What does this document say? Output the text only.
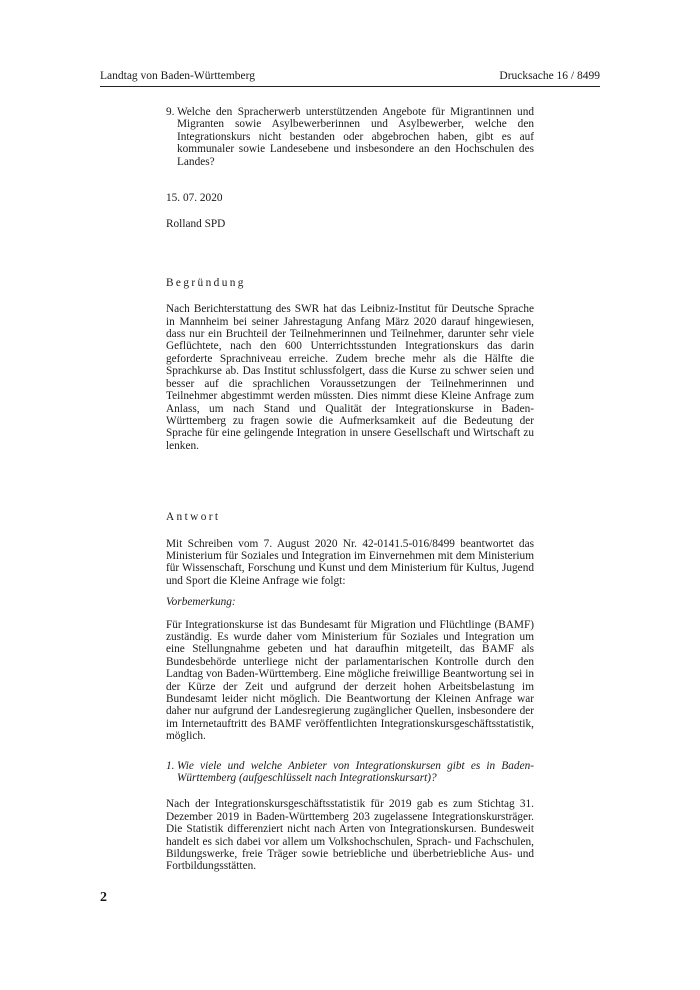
Landtag von Baden-Württemberg	Drucksache 16 / 8499
9. Welche den Spracherwerb unterstützenden Angebote für Migrantinnen und Migranten sowie Asylbewerberinnen und Asylbewerber, welche den Integrationskurs nicht bestanden oder abgebrochen haben, gibt es auf kommunaler sowie Landesebene und insbesondere an den Hochschulen des Landes?

15. 07. 2020

Rolland SPD

Begründung

Nach Berichterstattung des SWR hat das Leibniz-Institut für Deutsche Sprache in Mannheim bei seiner Jahrestagung Anfang März 2020 darauf hingewiesen, dass nur ein Bruchteil der Teilnehmerinnen und Teilnehmer, darunter sehr viele Geflüchtete, nach den 600 Unterrichtsstunden Integrationskurs das darin geforderte Sprachniveau erreiche. Zudem breche mehr als die Hälfte die Sprachkurse ab. Das Institut schlussfolgert, dass die Kurse zu schwer seien und besser auf die sprachlichen Voraussetzungen der Teilnehmerinnen und Teilnehmer abgestimmt werden müssten. Dies nimmt diese Kleine Anfrage zum Anlass, um nach Stand und Qualität der Integrationskurse in Baden-Württemberg zu fragen sowie die Aufmerksamkeit auf die Bedeutung der Sprache für eine gelingende Integration in unsere Gesellschaft und Wirtschaft zu lenken.

Antwort

Mit Schreiben vom 7. August 2020 Nr. 42-0141.5-016/8499 beantwortet das Ministerium für Soziales und Integration im Einvernehmen mit dem Ministerium für Wissenschaft, Forschung und Kunst und dem Ministerium für Kultus, Jugend und Sport die Kleine Anfrage wie folgt:

Vorbemerkung:

Für Integrationskurse ist das Bundesamt für Migration und Flüchtlinge (BAMF) zuständig. Es wurde daher vom Ministerium für Soziales und Integration um eine Stellungnahme gebeten und hat daraufhin mitgeteilt, das BAMF als Bundesbehörde unterliege nicht der parlamentarischen Kontrolle durch den Landtag von Baden-Württemberg. Eine mögliche freiwillige Beantwortung sei in der Kürze der Zeit und aufgrund der derzeit hohen Arbeitsbelastung im Bundesamt leider nicht möglich. Die Beantwortung der Kleinen Anfrage war daher nur aufgrund der Landesregierung zugänglicher Quellen, insbesondere der im Internetauftritt des BAMF veröffentlichten Integrationskursgeschäftsstatistik, möglich.

1. Wie viele und welche Anbieter von Integrationskursen gibt es in Baden-Württemberg (aufgeschlüsselt nach Integrationskursart)?

Nach der Integrationskursgeschäftsstatistik für 2019 gab es zum Stichtag 31. Dezember 2019 in Baden-Württemberg 203 zugelassene Integrationskursträger. Die Statistik differenziert nicht nach Arten von Integrationskursen. Bundesweit handelt es sich dabei vor allem um Volkshochschulen, Sprach- und Fachschulen, Bildungswerke, freie Träger sowie betriebliche und überbetriebliche Aus- und Fortbildungsstätten.

2
